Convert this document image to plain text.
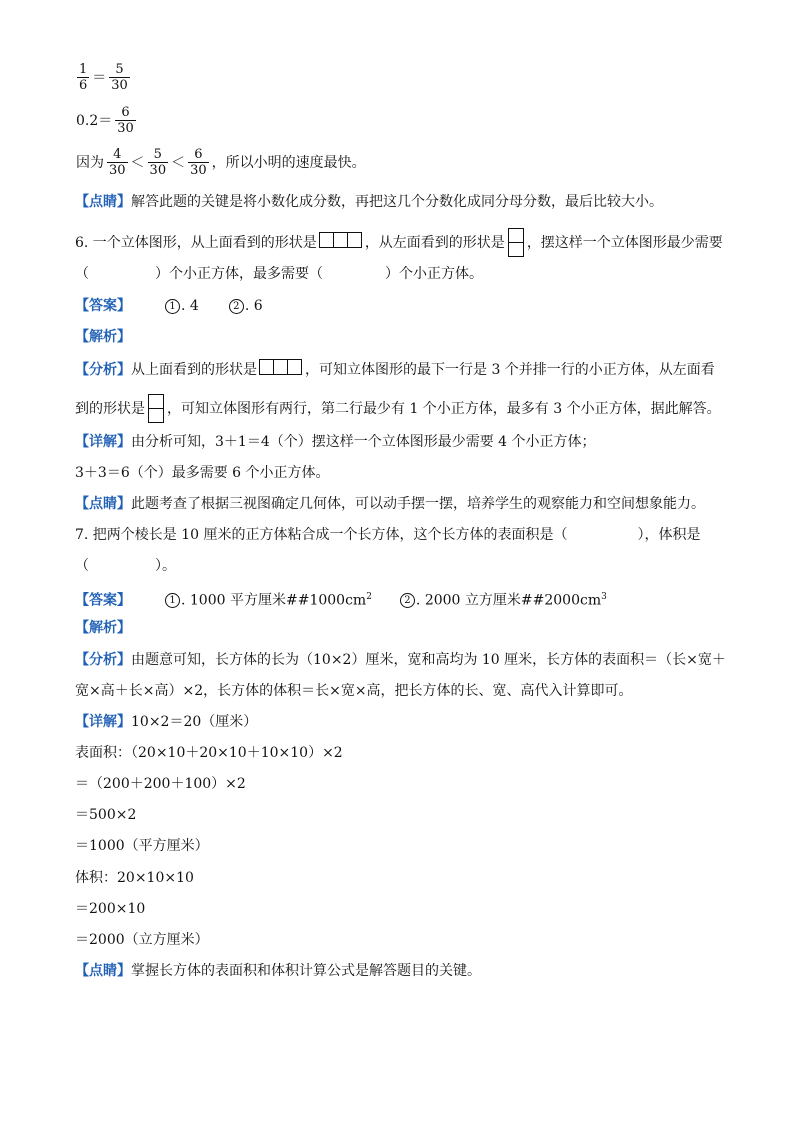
$\frac{1}{6} = \frac{5}{30}$
$0.2= \frac{6}{30}$
因为 $\frac{4}{30} < \frac{5}{30} < \frac{6}{30}$ ，所以小明的速度最快。
【点睛】解答此题的关键是将小数化成分数，再把这几个分数化成同分母分数，最后比较大小。
6. 一个立体图形，从上面看到的形状是	，从左面看到的形状是 ，摆这样一个立体图形最少需要
（	）个小正方体，最多需要（	）个小正方体。
【答案】	1 . 4	2 . 6
【解析】
【分析】从上面看到的形状是	，可知立体图形的最下一行是 3 个并排一行的小正方体，从左面看
到的形状是 ，可知立体图形有两行，第二行最少有 1 个小正方体，最多有 3 个小正方体，据此解答。
【详解】由分析可知，3＋1＝4（个）摆这样一个立体图形最少需要 4 个小正方体；
3＋3＝6（个）最多需要 6 个小正方体。
【点睛】此题考查了根据三视图确定几何体，可以动手摆一摆，培养学生的观察能力和空间想象能力。
7. 把两个棱长是 10 厘米的正方体粘合成一个长方体，这个长方体的表面积是（	），体积是
（	）。
【答案】	1 . 1000 平方厘米$\#\#1000cm^2$	2 . 2000 立方厘米$\#\#2000cm^3$
【解析】
【分析】由题意可知，长方体的长为（10×2）厘米，宽和高均为 10 厘米，长方体的表面积＝（长×宽＋
宽×高＋长×高）×2，长方体的体积＝长×宽×高，把长方体的长、宽、高代入计算即可。
【详解】10×2＝20（厘米）
表面积：（20×10＋20×10＋10×10）×2
＝（200＋200＋100）×2
＝500×2
＝1000（平方厘米）
体积：20×10×10
＝200×10
＝2000（立方厘米）
【点睛】掌握长方体的表面积和体积计算公式是解答题目的关键。
